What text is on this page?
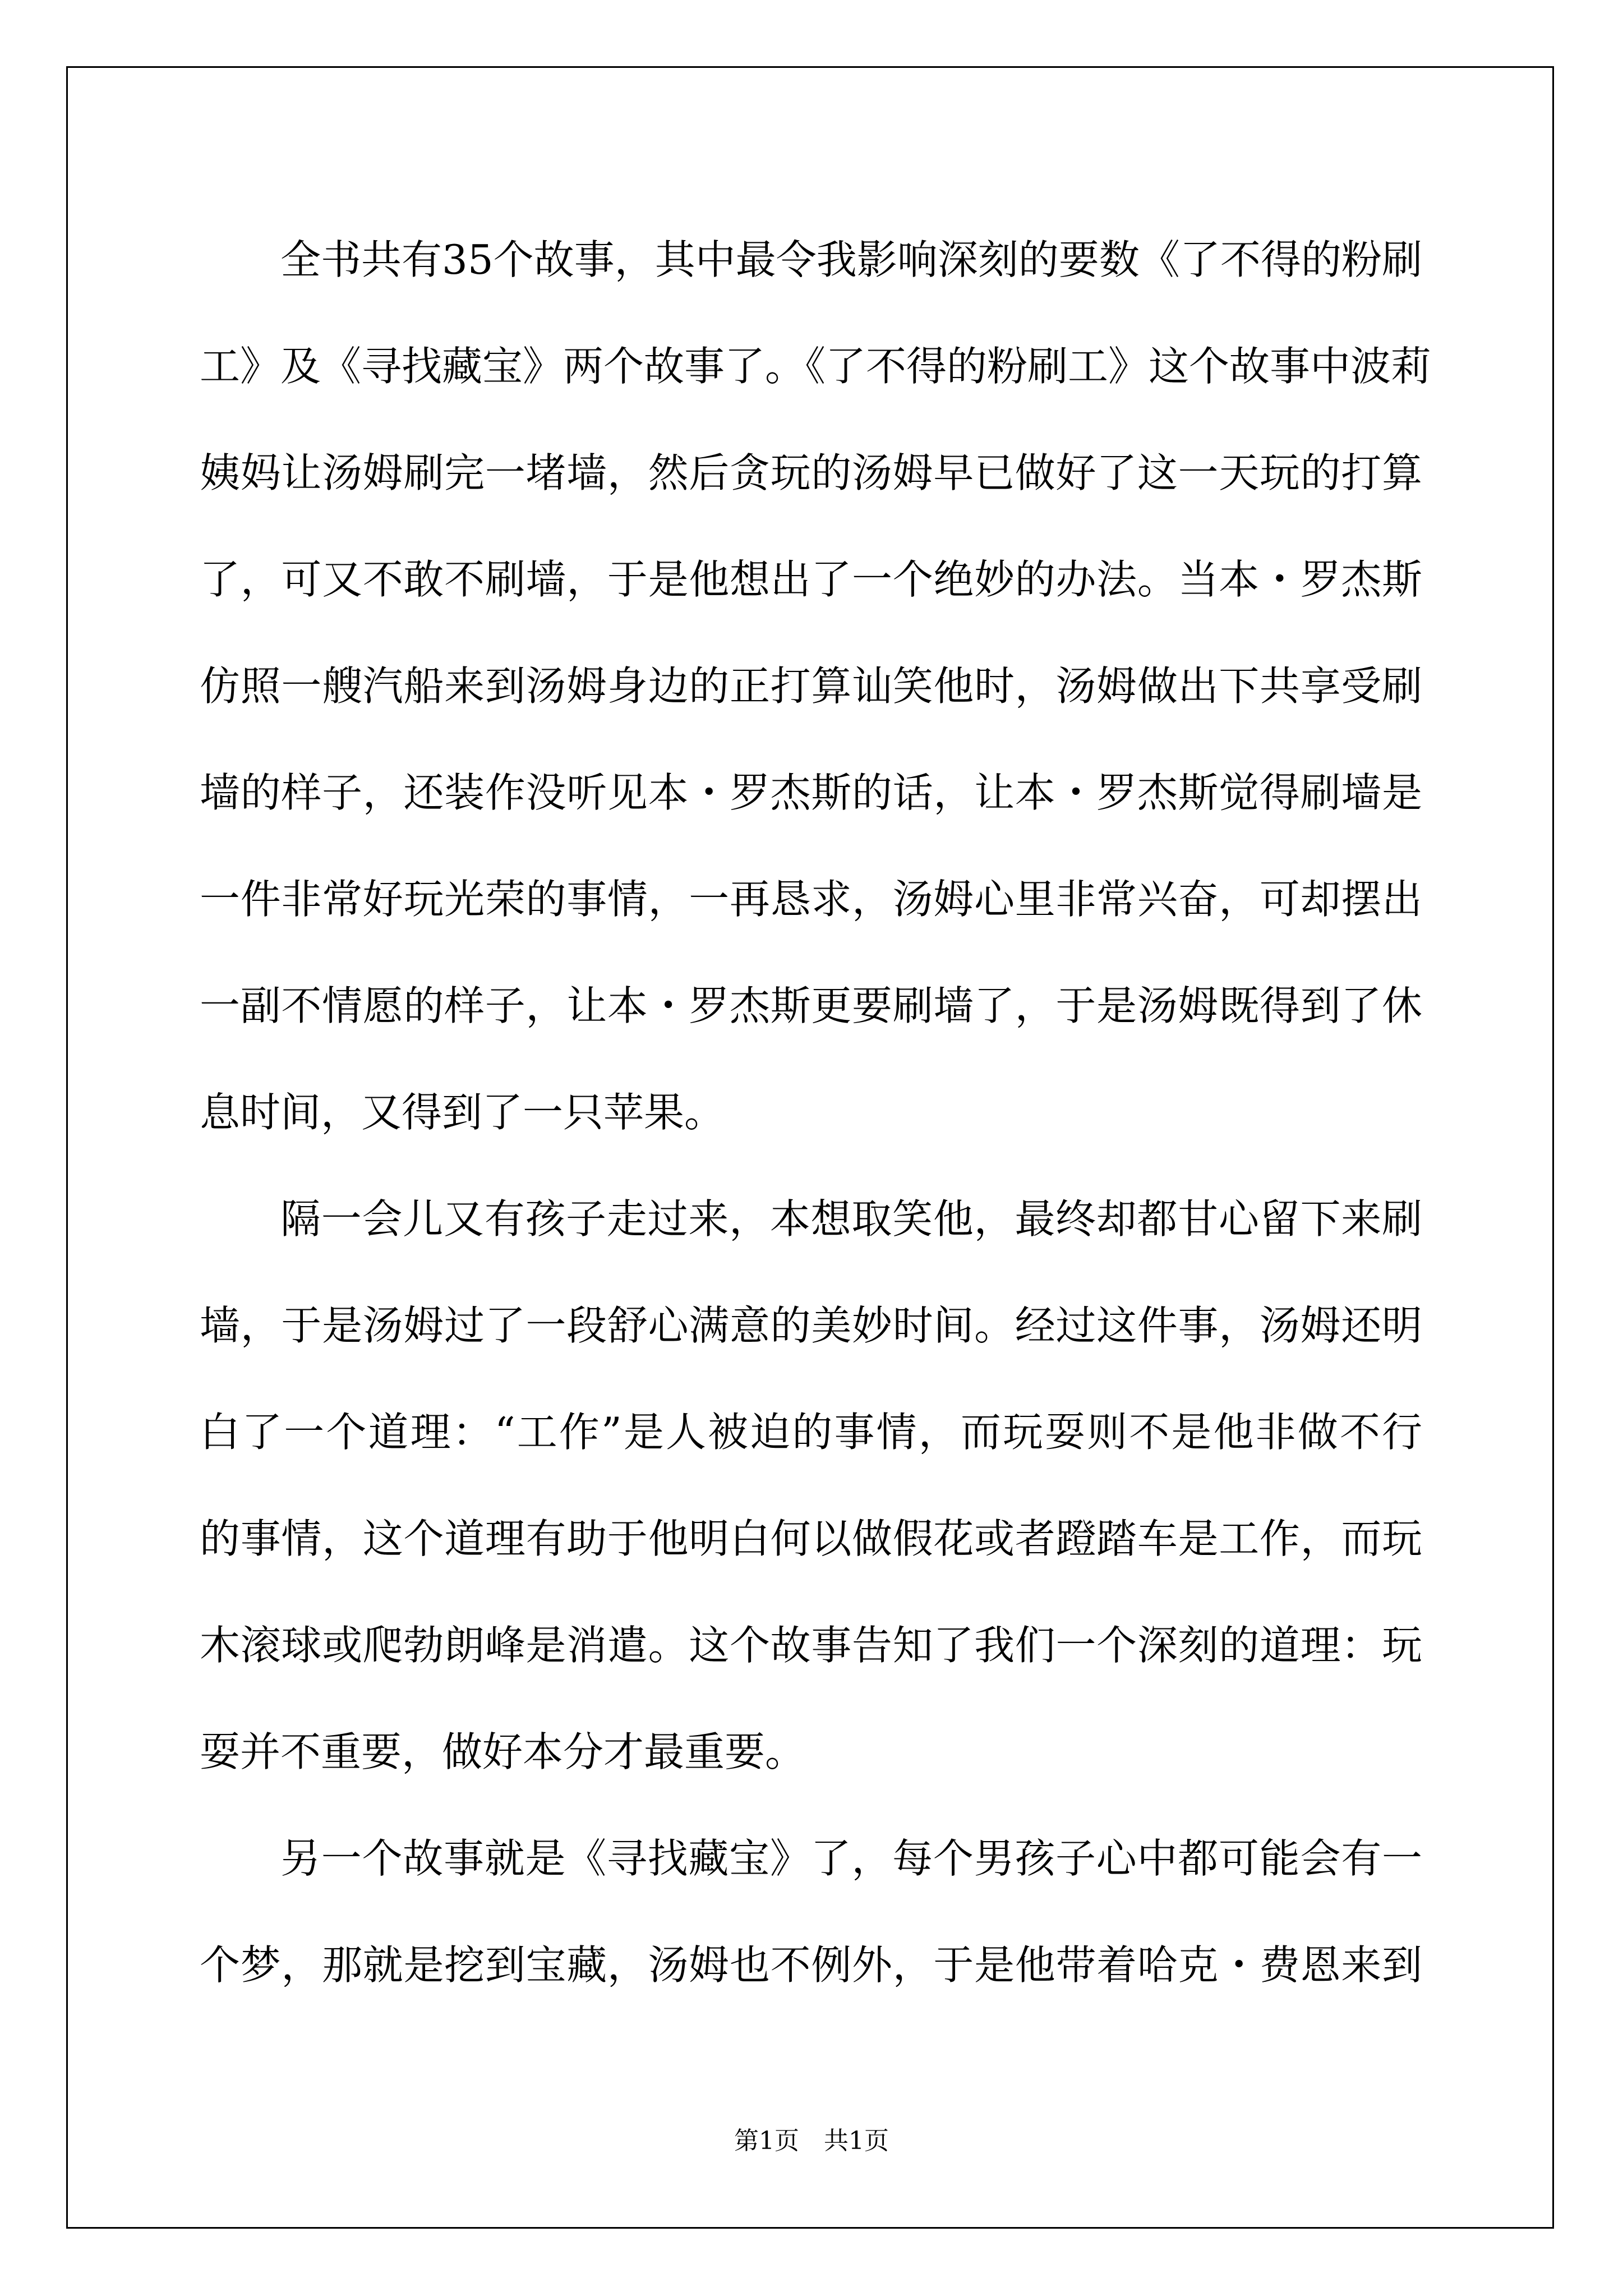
全书共有35个故事，其中最令我影响深刻的要数《了不得的粉刷
工》及《寻找藏宝》两个故事了。《了不得的粉刷工》这个故事中波莉
姨妈让汤姆刷完一堵墙，然后贪玩的汤姆早已做好了这一天玩的打算
了，可又不敢不刷墙，于是他想出了一个绝妙的办法。当本・罗杰斯
仿照一艘汽船来到汤姆身边的正打算讪笑他时，汤姆做出下共享受刷
墙的样子，还装作没听见本・罗杰斯的话，让本・罗杰斯觉得刷墙是
一件非常好玩光荣的事情，一再恳求，汤姆心里非常兴奋，可却摆出
一副不情愿的样子，让本・罗杰斯更要刷墙了，于是汤姆既得到了休
息时间，又得到了一只苹果。
隔一会儿又有孩子走过来，本想取笑他，最终却都甘心留下来刷
墙，于是汤姆过了一段舒心满意的美妙时间。经过这件事，汤姆还明
白了一个道理：“工作”是人被迫的事情，而玩耍则不是他非做不行
的事情，这个道理有助于他明白何以做假花或者蹬踏车是工作，而玩
木滚球或爬勃朗峰是消遣。这个故事告知了我们一个深刻的道理：玩
耍并不重要，做好本分才最重要。
另一个故事就是《寻找藏宝》了，每个男孩子心中都可能会有一
个梦，那就是挖到宝藏，汤姆也不例外，于是他带着哈克・费恩来到
第1页　共1页
